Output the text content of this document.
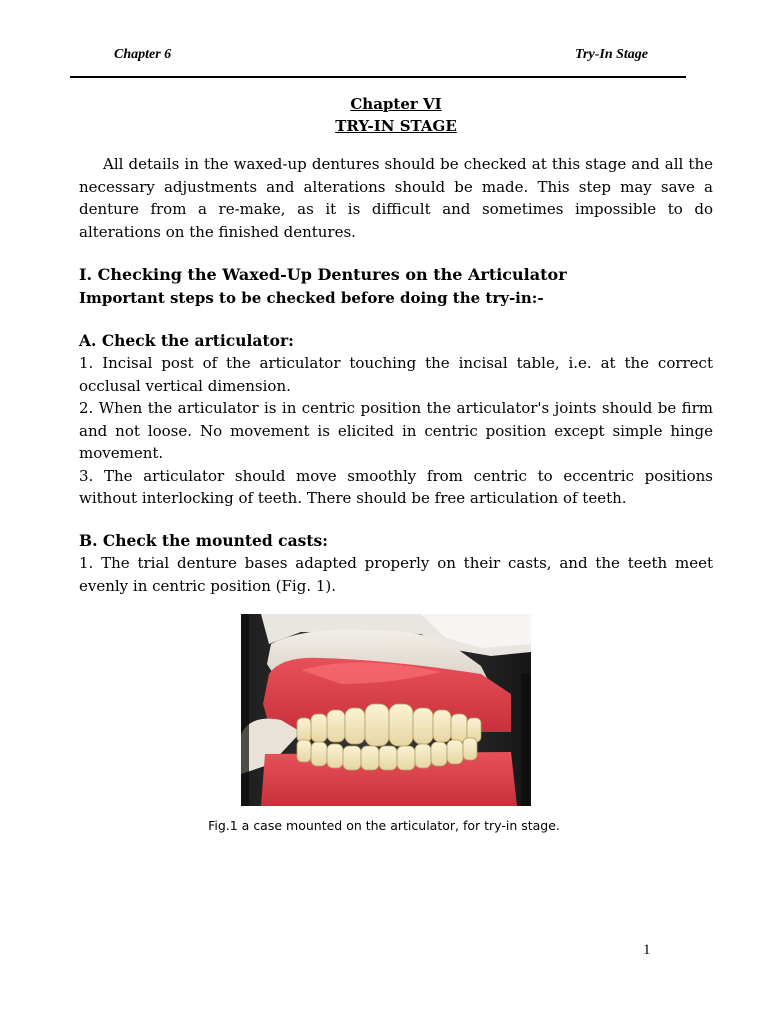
Chapter 6	Try-In Stage

Chapter VI

TRY-IN STAGE

All details in the waxed-up dentures should be checked at this stage and all the necessary adjustments and alterations should be made. This step may save a denture from a re-make, as it is difficult and sometimes impossible to do alterations on the finished dentures.

I. Checking the Waxed-Up Dentures on the Articulator

Important steps to be checked before doing the try-in:-

A. Check the articulator:

1. Incisal post of the articulator touching the incisal table, i.e. at the correct occlusal vertical dimension.

2. When the articulator is in centric position the articulator's joints should be firm and not loose. No movement is elicited in centric position except simple hinge movement.

3. The articulator should move smoothly from centric to eccentric positions without interlocking of teeth. There should be free articulation of teeth.

B. Check the mounted casts:

1. The trial denture bases adapted properly on their casts, and the teeth meet evenly in centric position (Fig. 1).

Fig.1 a case mounted on the articulator, for try-in stage.
1
